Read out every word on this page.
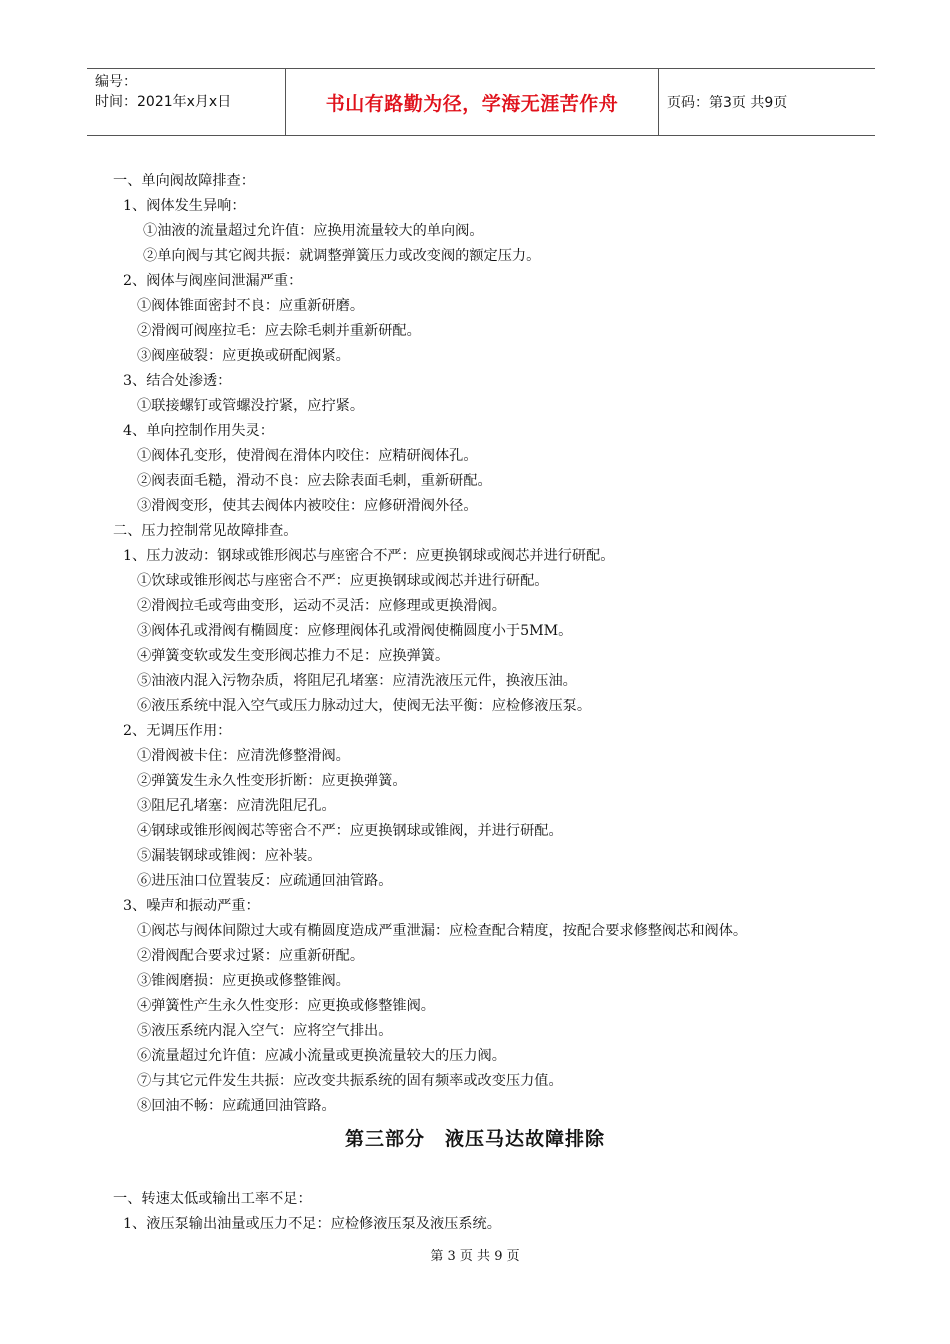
编号：
时间：2021年x月x日	书山有路勤为径，学海无涯苦作舟	页码：第3页 共9页
一、单向阀故障排查：
1、阀体发生异响：
①油液的流量超过允许值：应换用流量较大的单向阀。
②单向阀与其它阀共振：就调整弹簧压力或改变阀的额定压力。
2、阀体与阀座间泄漏严重：
①阀体锥面密封不良：应重新研磨。
②滑阀可阀座拉毛：应去除毛刺并重新研配。
③阀座破裂：应更换或研配阀紧。
3、结合处渗透：
①联接螺钉或管螺没拧紧，应拧紧。
4、单向控制作用失灵：
①阀体孔变形，使滑阀在滑体内咬住：应精研阀体孔。
②阀表面毛糙，滑动不良：应去除表面毛刺，重新研配。
③滑阀变形，使其去阀体内被咬住：应修研滑阀外径。
二、压力控制常见故障排查。
1、压力波动：钢球或锥形阀芯与座密合不严：应更换钢球或阀芯并进行研配。
①饮球或锥形阀芯与座密合不严：应更换钢球或阀芯并进行研配。
②滑阀拉毛或弯曲变形，运动不灵活：应修理或更换滑阀。
③阀体孔或滑阀有椭圆度：应修理阀体孔或滑阀使椭圆度小于5MM。
④弹簧变软或发生变形阀芯推力不足：应换弹簧。
⑤油液内混入污物杂质，将阻尼孔堵塞：应清洗液压元件，换液压油。
⑥液压系统中混入空气或压力脉动过大，使阀无法平衡：应检修液压泵。
2、无调压作用：
①滑阀被卡住：应清洗修整滑阀。
②弹簧发生永久性变形折断：应更换弹簧。
③阻尼孔堵塞：应清洗阻尼孔。
④钢球或锥形阀阀芯等密合不严：应更换钢球或锥阀，并进行研配。
⑤漏装钢球或锥阀：应补装。
⑥进压油口位置装反：应疏通回油管路。
3、噪声和振动严重：
①阀芯与阀体间隙过大或有椭圆度造成严重泄漏：应检查配合精度，按配合要求修整阀芯和阀体。
②滑阀配合要求过紧：应重新研配。
③锥阀磨损：应更换或修整锥阀。
④弹簧性产生永久性变形：应更换或修整锥阀。
⑤液压系统内混入空气：应将空气排出。
⑥流量超过允许值：应减小流量或更换流量较大的压力阀。
⑦与其它元件发生共振：应改变共振系统的固有频率或改变压力值。
⑧回油不畅：应疏通回油管路。
第三部分　液压马达故障排除
一、转速太低或输出工率不足：
1、液压泵输出油量或压力不足：应检修液压泵及液压系统。
第 3 页 共 9 页
